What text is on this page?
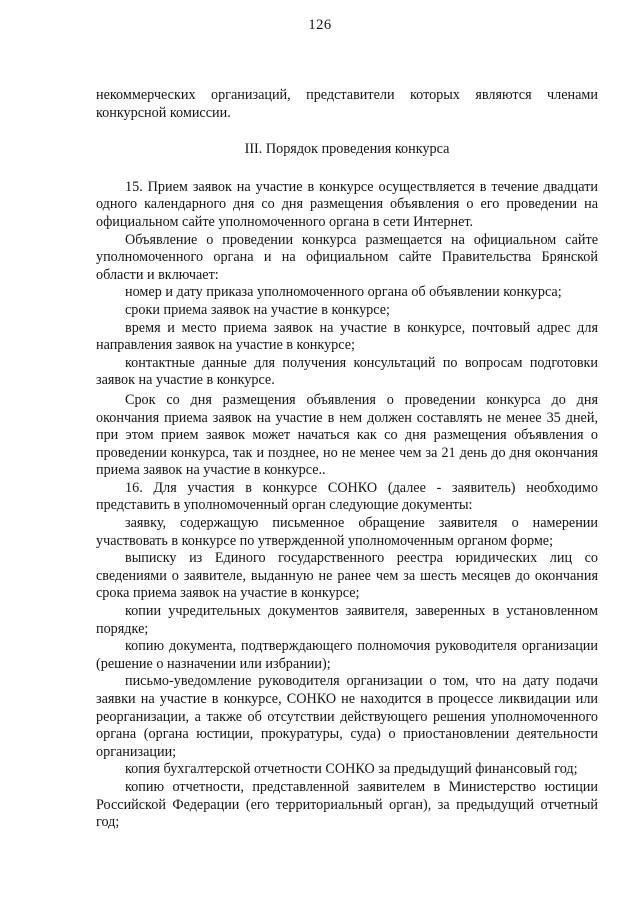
126

некоммерческих организаций, представители которых являются членами конкурсной комиссии.

III. Порядок проведения конкурса

15. Прием заявок на участие в конкурсе осуществляется в течение двадцати одного календарного дня со дня размещения объявления о его проведении на официальном сайте уполномоченного органа в сети Интернет.

Объявление о проведении конкурса размещается на официальном сайте уполномоченного органа и на официальном сайте Правительства Брянской области и включает:

номер и дату приказа уполномоченного органа об объявлении конкурса;

сроки приема заявок на участие в конкурсе;

время и место приема заявок на участие в конкурсе, почтовый адрес для направления заявок на участие в конкурсе;

контактные данные для получения консультаций по вопросам подготовки заявок на участие в конкурсе.

Срок со дня размещения объявления о проведении конкурса до дня окончания приема заявок на участие в нем должен составлять не менее 35 дней, при этом прием заявок может начаться как со дня размещения объявления о проведении конкурса, так и позднее, но не менее чем за 21 день до дня окончания приема заявок на участие в конкурсе..

16. Для участия в конкурсе СОНКО (далее - заявитель) необходимо представить в уполномоченный орган следующие документы:

заявку, содержащую письменное обращение заявителя о намерении участвовать в конкурсе по утвержденной уполномоченным органом форме;

выписку из Единого государственного реестра юридических лиц со сведениями о заявителе, выданную не ранее чем за шесть месяцев до окончания срока приема заявок на участие в конкурсе;

копии учредительных документов заявителя, заверенных в установленном порядке;

копию документа, подтверждающего полномочия руководителя организации (решение о назначении или избрании);

письмо-уведомление руководителя организации о том, что на дату подачи заявки на участие в конкурсе, СОНКО не находится в процессе ликвидации или реорганизации, а также об отсутствии действующего решения уполномоченного органа (органа юстиции, прокуратуры, суда) о приостановлении деятельности организации;

копия бухгалтерской отчетности СОНКО за предыдущий финансовый год;

копию отчетности, представленной заявителем в Министерство юстиции Российской Федерации (его территориальный орган), за предыдущий отчетный год;
